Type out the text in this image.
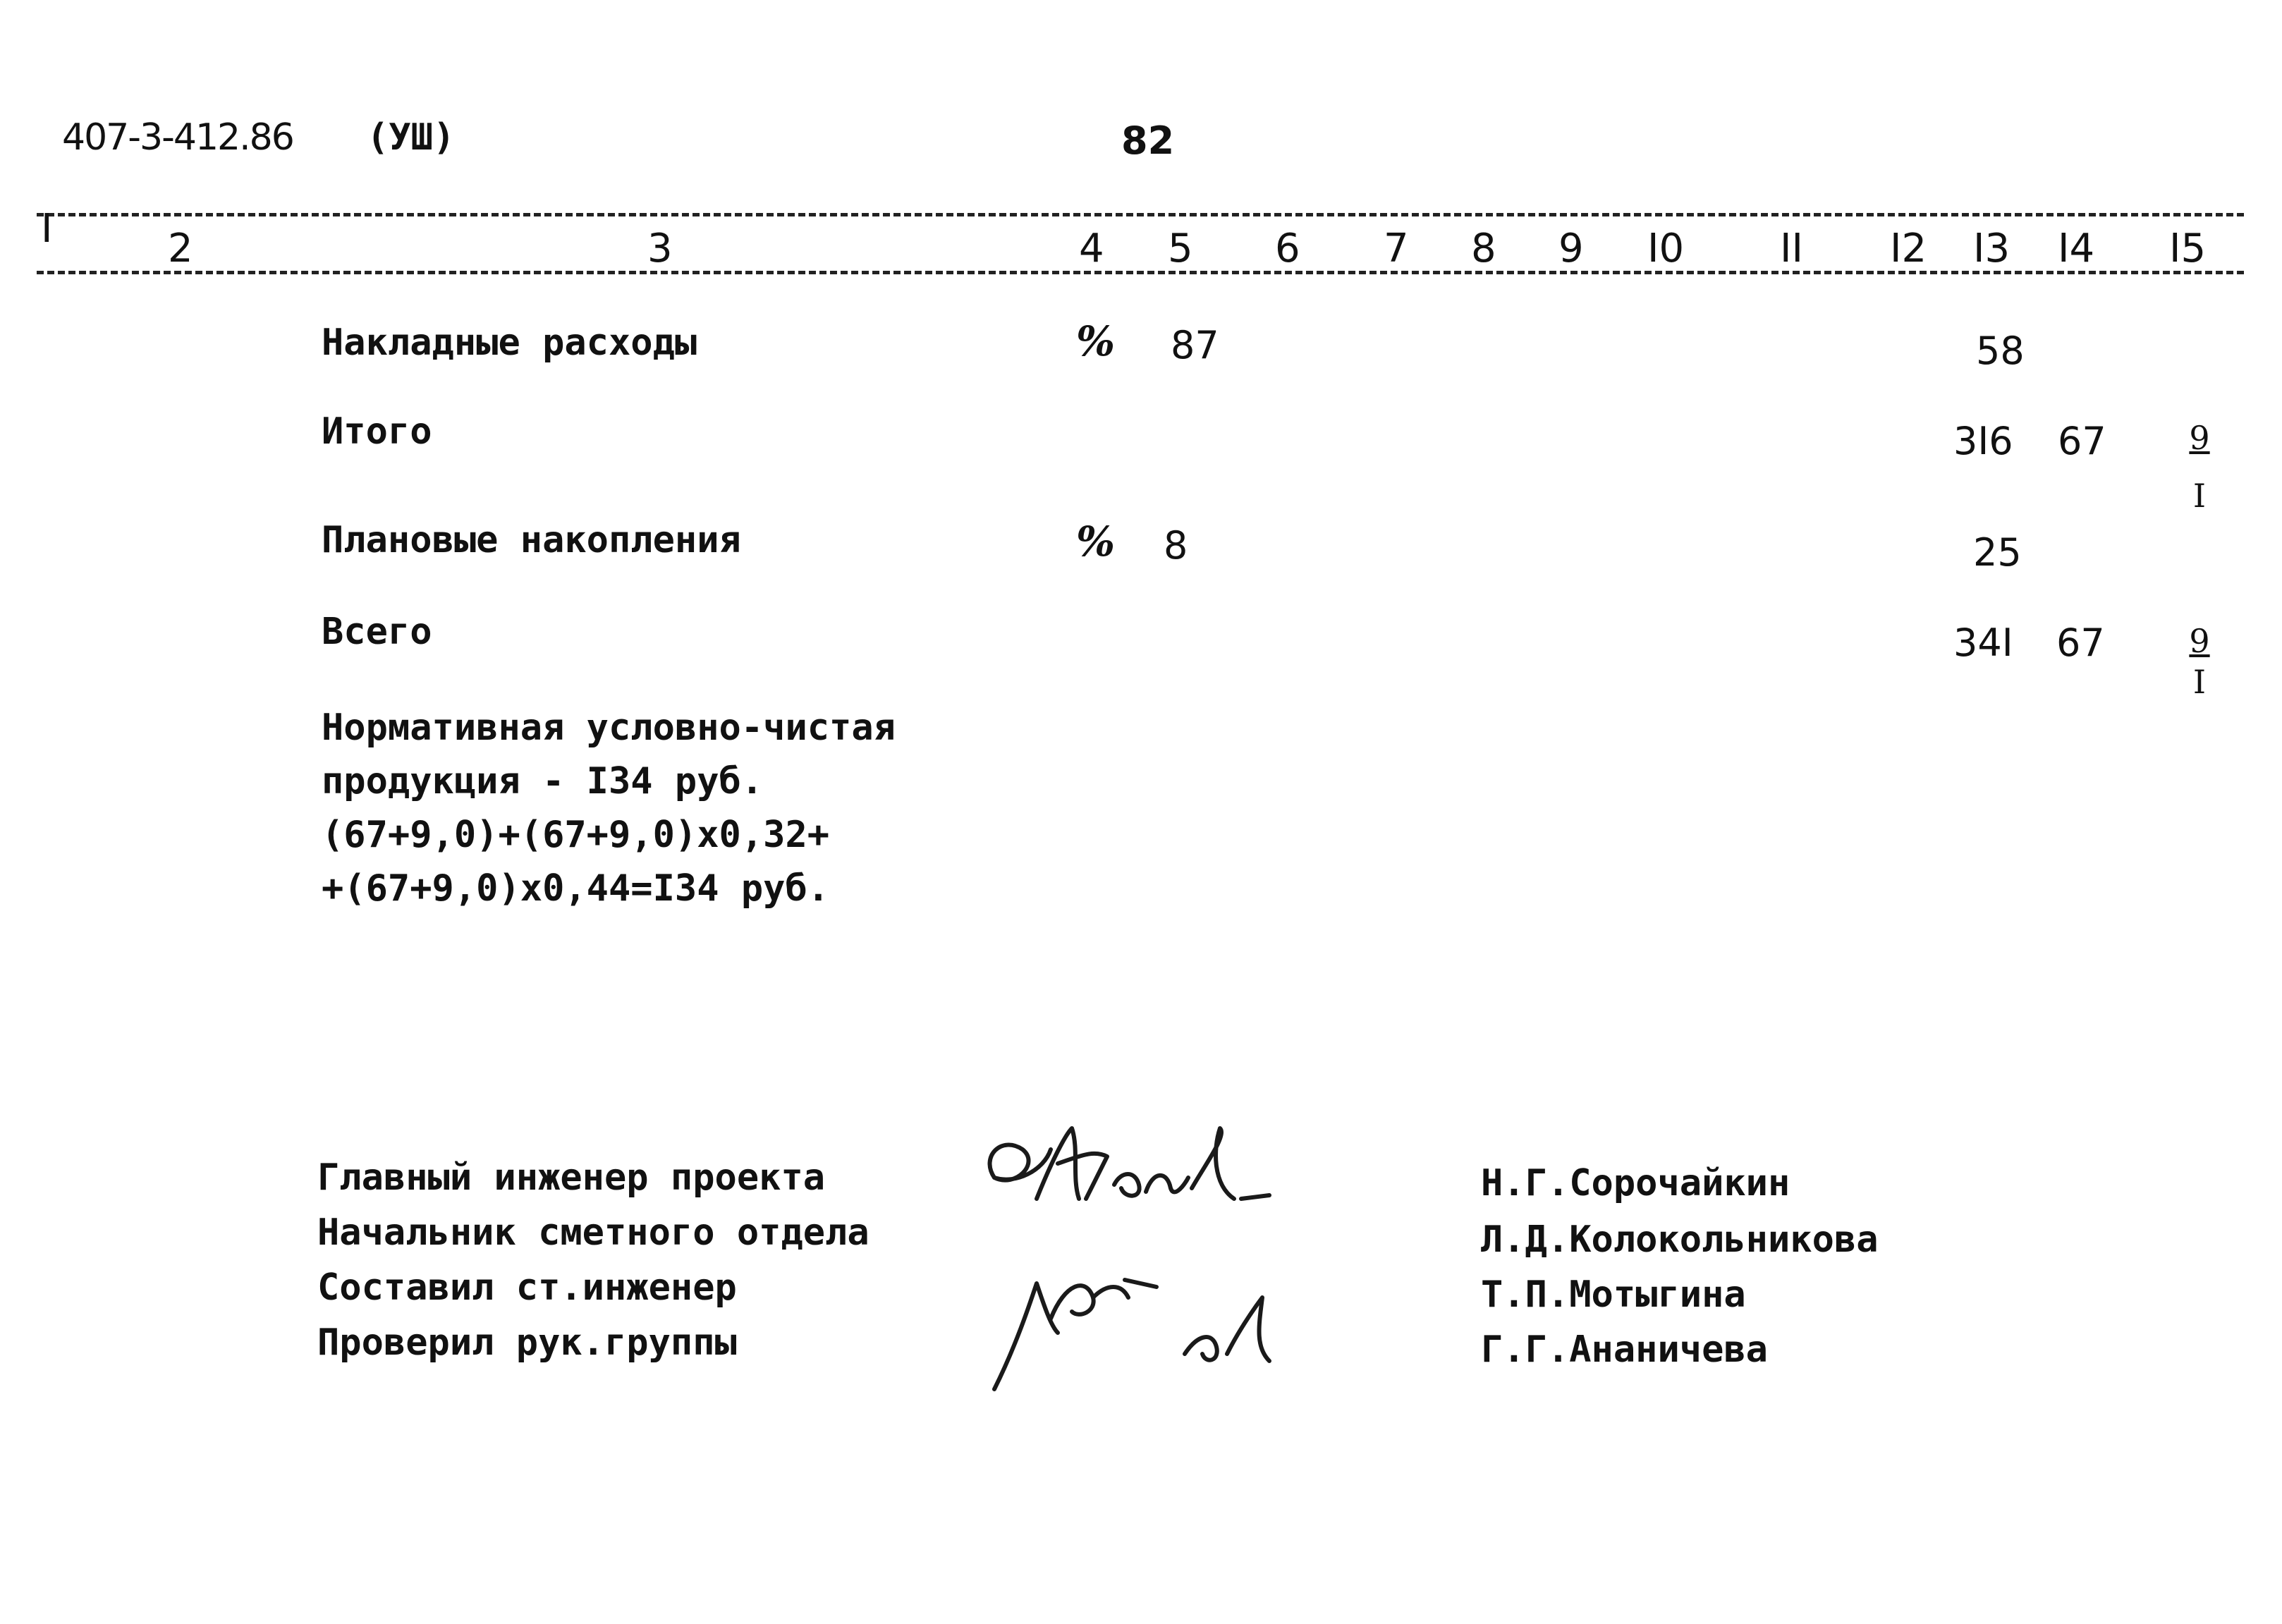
407-3-412.86 (УШ)	82
I	2	3	4 5 6 7 8 9 I0 II I2 I3 I4 I5
Накладные расходы	% 87	58
Итого	3I6 67	9
I
Плановые накопления	% 8	25
Всего	34I 67	9
I
Нормативная условно-чистая
продукция - I34 руб.
(67+9,0)+(67+9,0)x0,32+
+(67+9,0)x0,44=I34 руб.
Главный инженер проекта
Начальник сметного отдела
Составил ст.инженер
Проверил рук.группы
Н.Г.Сорочайкин
Л.Д.Колокольникова
Т.П.Мотыгина
Г.Г.Ананичева
